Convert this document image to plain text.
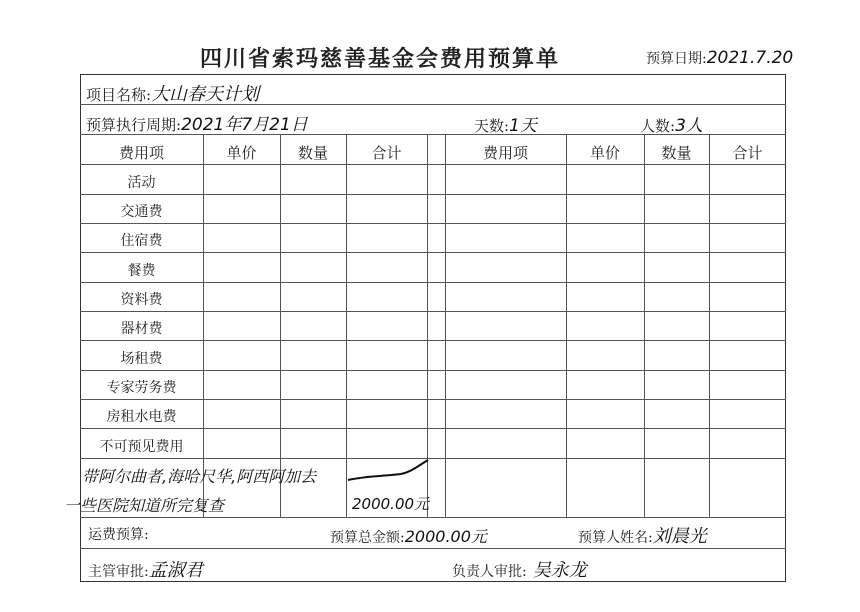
四川省索玛慈善基金会费用预算单	预算日期:2021.7.20
项目名称:大山春天计划
预算执行周期:2021年7月21日	天数:1天	人数:3人
费用项	单价	数量	合计	费用项	单价	数量	合计
活动
交通费
住宿费
餐费
资料费
器材费
场租费
专家劳务费
房租水电费
不可预见费用
带阿尔曲者,海哈尺华,阿西阿加去
一些医院知道所完复查	2000.00元
运费预算:	预算总金额:2000.00元	预算人姓名:刘晨光
主管审批:孟淑君	负责人审批: 吴永龙
